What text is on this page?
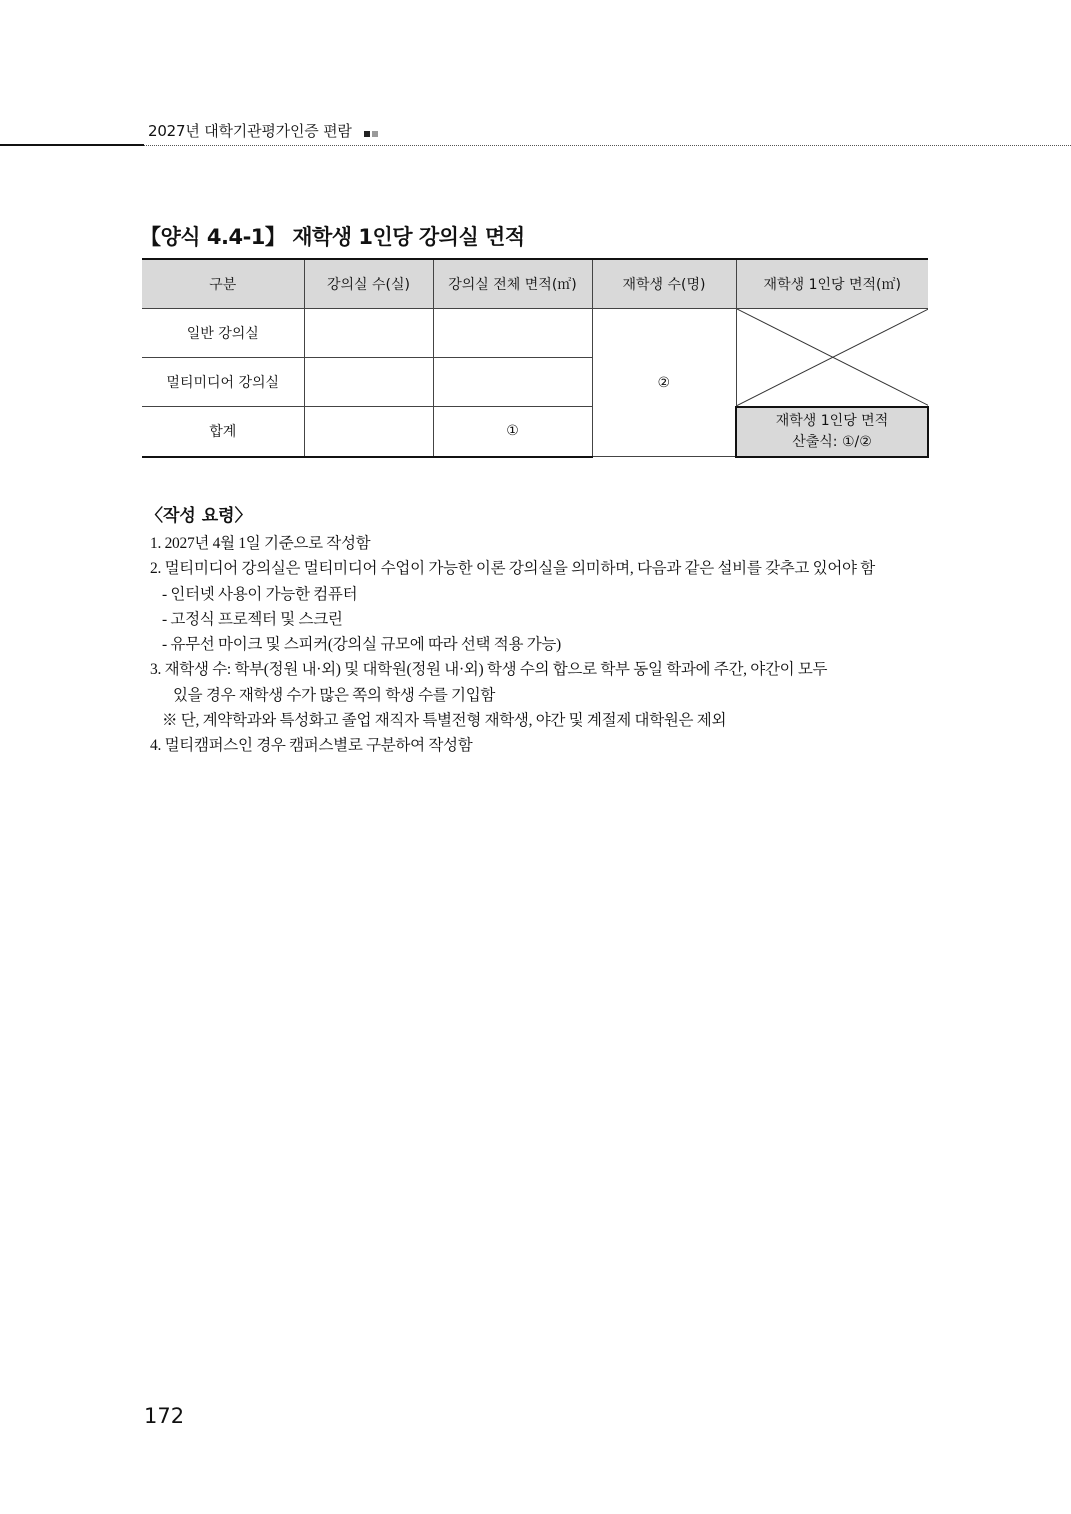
2027년 대학기관평가인증 편람
【양식 4.4-1】 재학생 1인당 강의실 면적
구분	강의실 수(실)	강의실 전체 면적(㎡)	재학생 수(명)	재학생 1인당 면적(㎡)
일반 강의실			②	

멀티미디어 강의실				
합계		①		재학생 1인당 면적
산출식: ①/②
〈작성 요령〉
1. 2027년 4월 1일 기준으로 작성함
2. 멀티미디어 강의실은 멀티미디어 수업이 가능한 이론 강의실을 의미하며, 다음과 같은 설비를 갖추고 있어야 함
- 인터넷 사용이 가능한 컴퓨터
- 고정식 프로젝터 및 스크린
- 유무선 마이크 및 스피커(강의실 규모에 따라 선택 적용 가능)
3. 재학생 수: 학부(정원 내·외) 및 대학원(정원 내·외) 학생 수의 합으로 학부 동일 학과에 주간, 야간이 모두
있을 경우 재학생 수가 많은 쪽의 학생 수를 기입함
※ 단, 계약학과와 특성화고 졸업 재직자 특별전형 재학생, 야간 및 계절제 대학원은 제외
4. 멀티캠퍼스인 경우 캠퍼스별로 구분하여 작성함
172
